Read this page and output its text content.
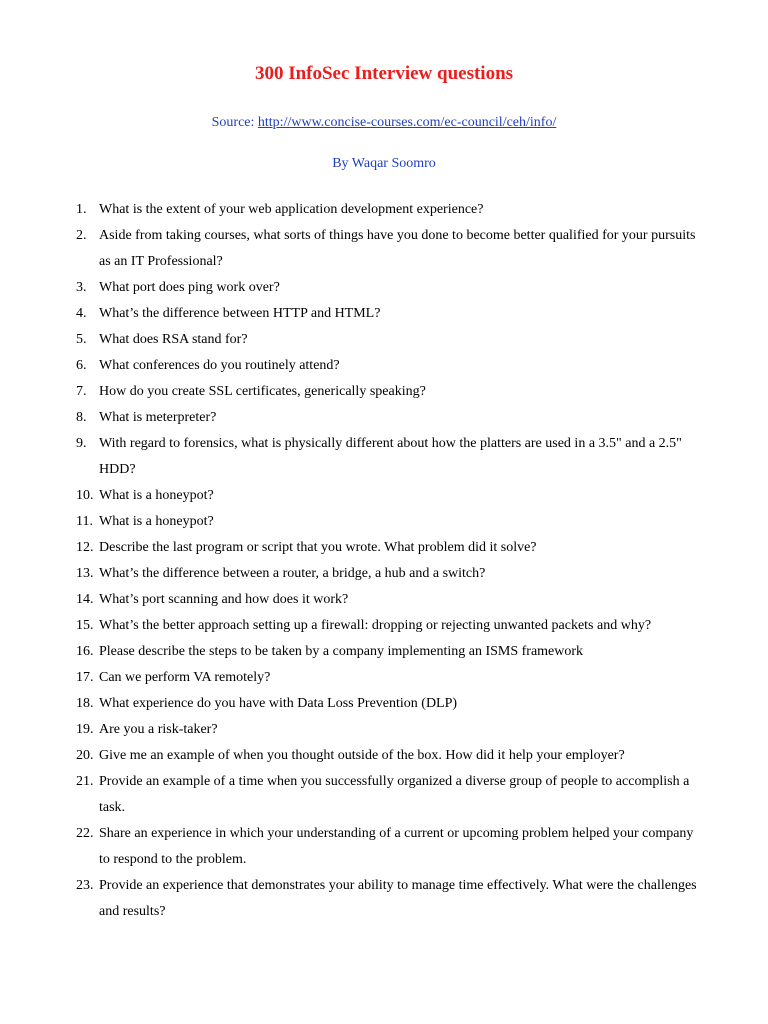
300 InfoSec Interview questions
Source: http://www.concise-courses.com/ec-council/ceh/info/
By Waqar Soomro
1. What is the extent of your web application development experience?
2. Aside from taking courses, what sorts of things have you done to become better qualified for your pursuits as an IT Professional?
3. What port does ping work over?
4. What’s the difference between HTTP and HTML?
5. What does RSA stand for?
6. What conferences do you routinely attend?
7. How do you create SSL certificates, generically speaking?
8. What is meterpreter?
9. With regard to forensics, what is physically different about how the platters are used in a 3.5" and a 2.5" HDD?
10. What is a honeypot?
11. What is a honeypot?
12. Describe the last program or script that you wrote. What problem did it solve?
13. What’s the difference between a router, a bridge, a hub and a switch?
14. What’s port scanning and how does it work?
15. What’s the better approach setting up a firewall: dropping or rejecting unwanted packets and why?
16. Please describe the steps to be taken by a company implementing an ISMS framework
17. Can we perform VA remotely?
18. What experience do you have with Data Loss Prevention (DLP)
19. Are you a risk-taker?
20. Give me an example of when you thought outside of the box. How did it help your employer?
21. Provide an example of a time when you successfully organized a diverse group of people to accomplish a task.
22. Share an experience in which your understanding of a current or upcoming problem helped your company to respond to the problem.
23. Provide an experience that demonstrates your ability to manage time effectively. What were the challenges and results?
